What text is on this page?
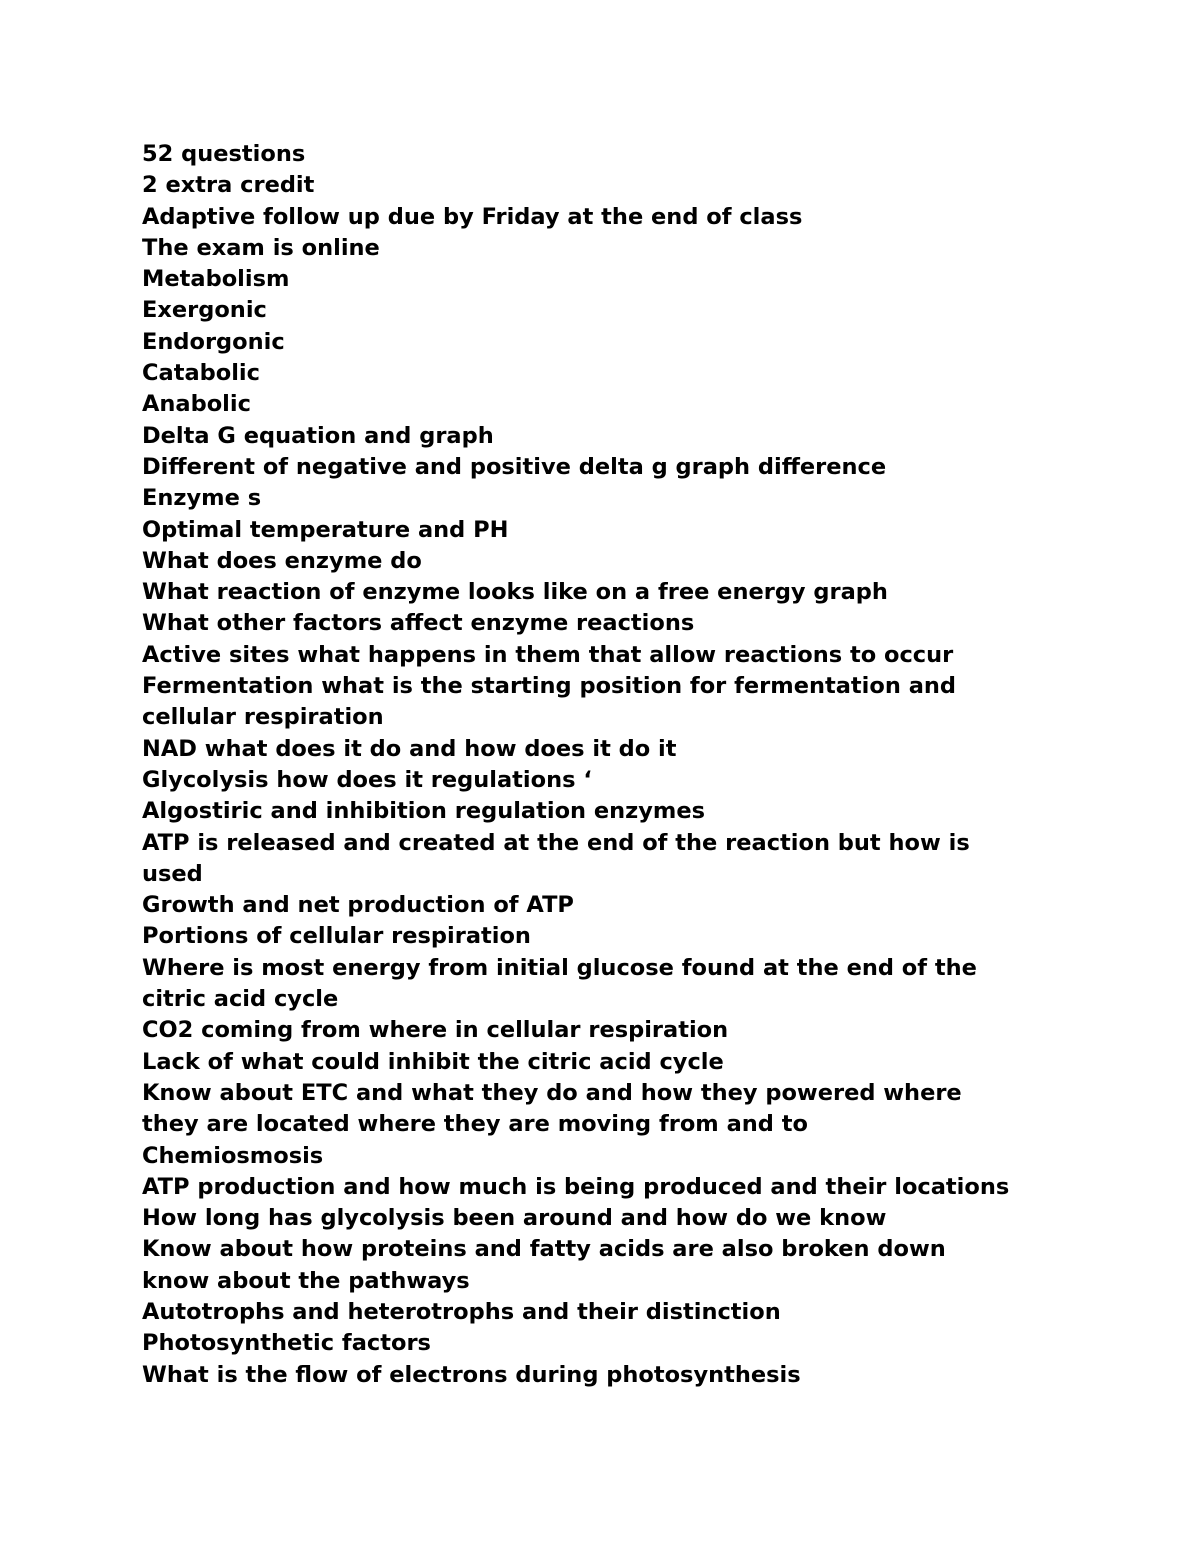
52 questions
2 extra credit
Adaptive follow up due by Friday at the end of class
The exam is online
Metabolism
Exergonic
Endorgonic
Catabolic
Anabolic
Delta G equation and graph
Different of negative and positive delta g graph difference
Enzyme s
Optimal temperature and PH
What does enzyme do
What reaction of enzyme looks like on a free energy graph
What other factors affect enzyme reactions
Active sites what happens in them that allow reactions to occur
Fermentation what is the starting position for fermentation and
cellular respiration
NAD what does it do and how does it do it
Glycolysis how does it regulations ‘
Algostiric and inhibition regulation enzymes
ATP is released and created at the end of the reaction but how is
used
Growth and net production of ATP
Portions of cellular respiration
Where is most energy from initial glucose found at the end of the
citric acid cycle
CO2 coming from where in cellular respiration
Lack of what could inhibit the citric acid cycle
Know about ETC and what they do and how they powered where
they are located where they are moving from and to
Chemiosmosis
ATP production and how much is being produced and their locations
How long has glycolysis been around and how do we know
Know about how proteins and fatty acids are also broken down
know about the pathways
Autotrophs and heterotrophs and their distinction
Photosynthetic factors
What is the flow of electrons during photosynthesis
